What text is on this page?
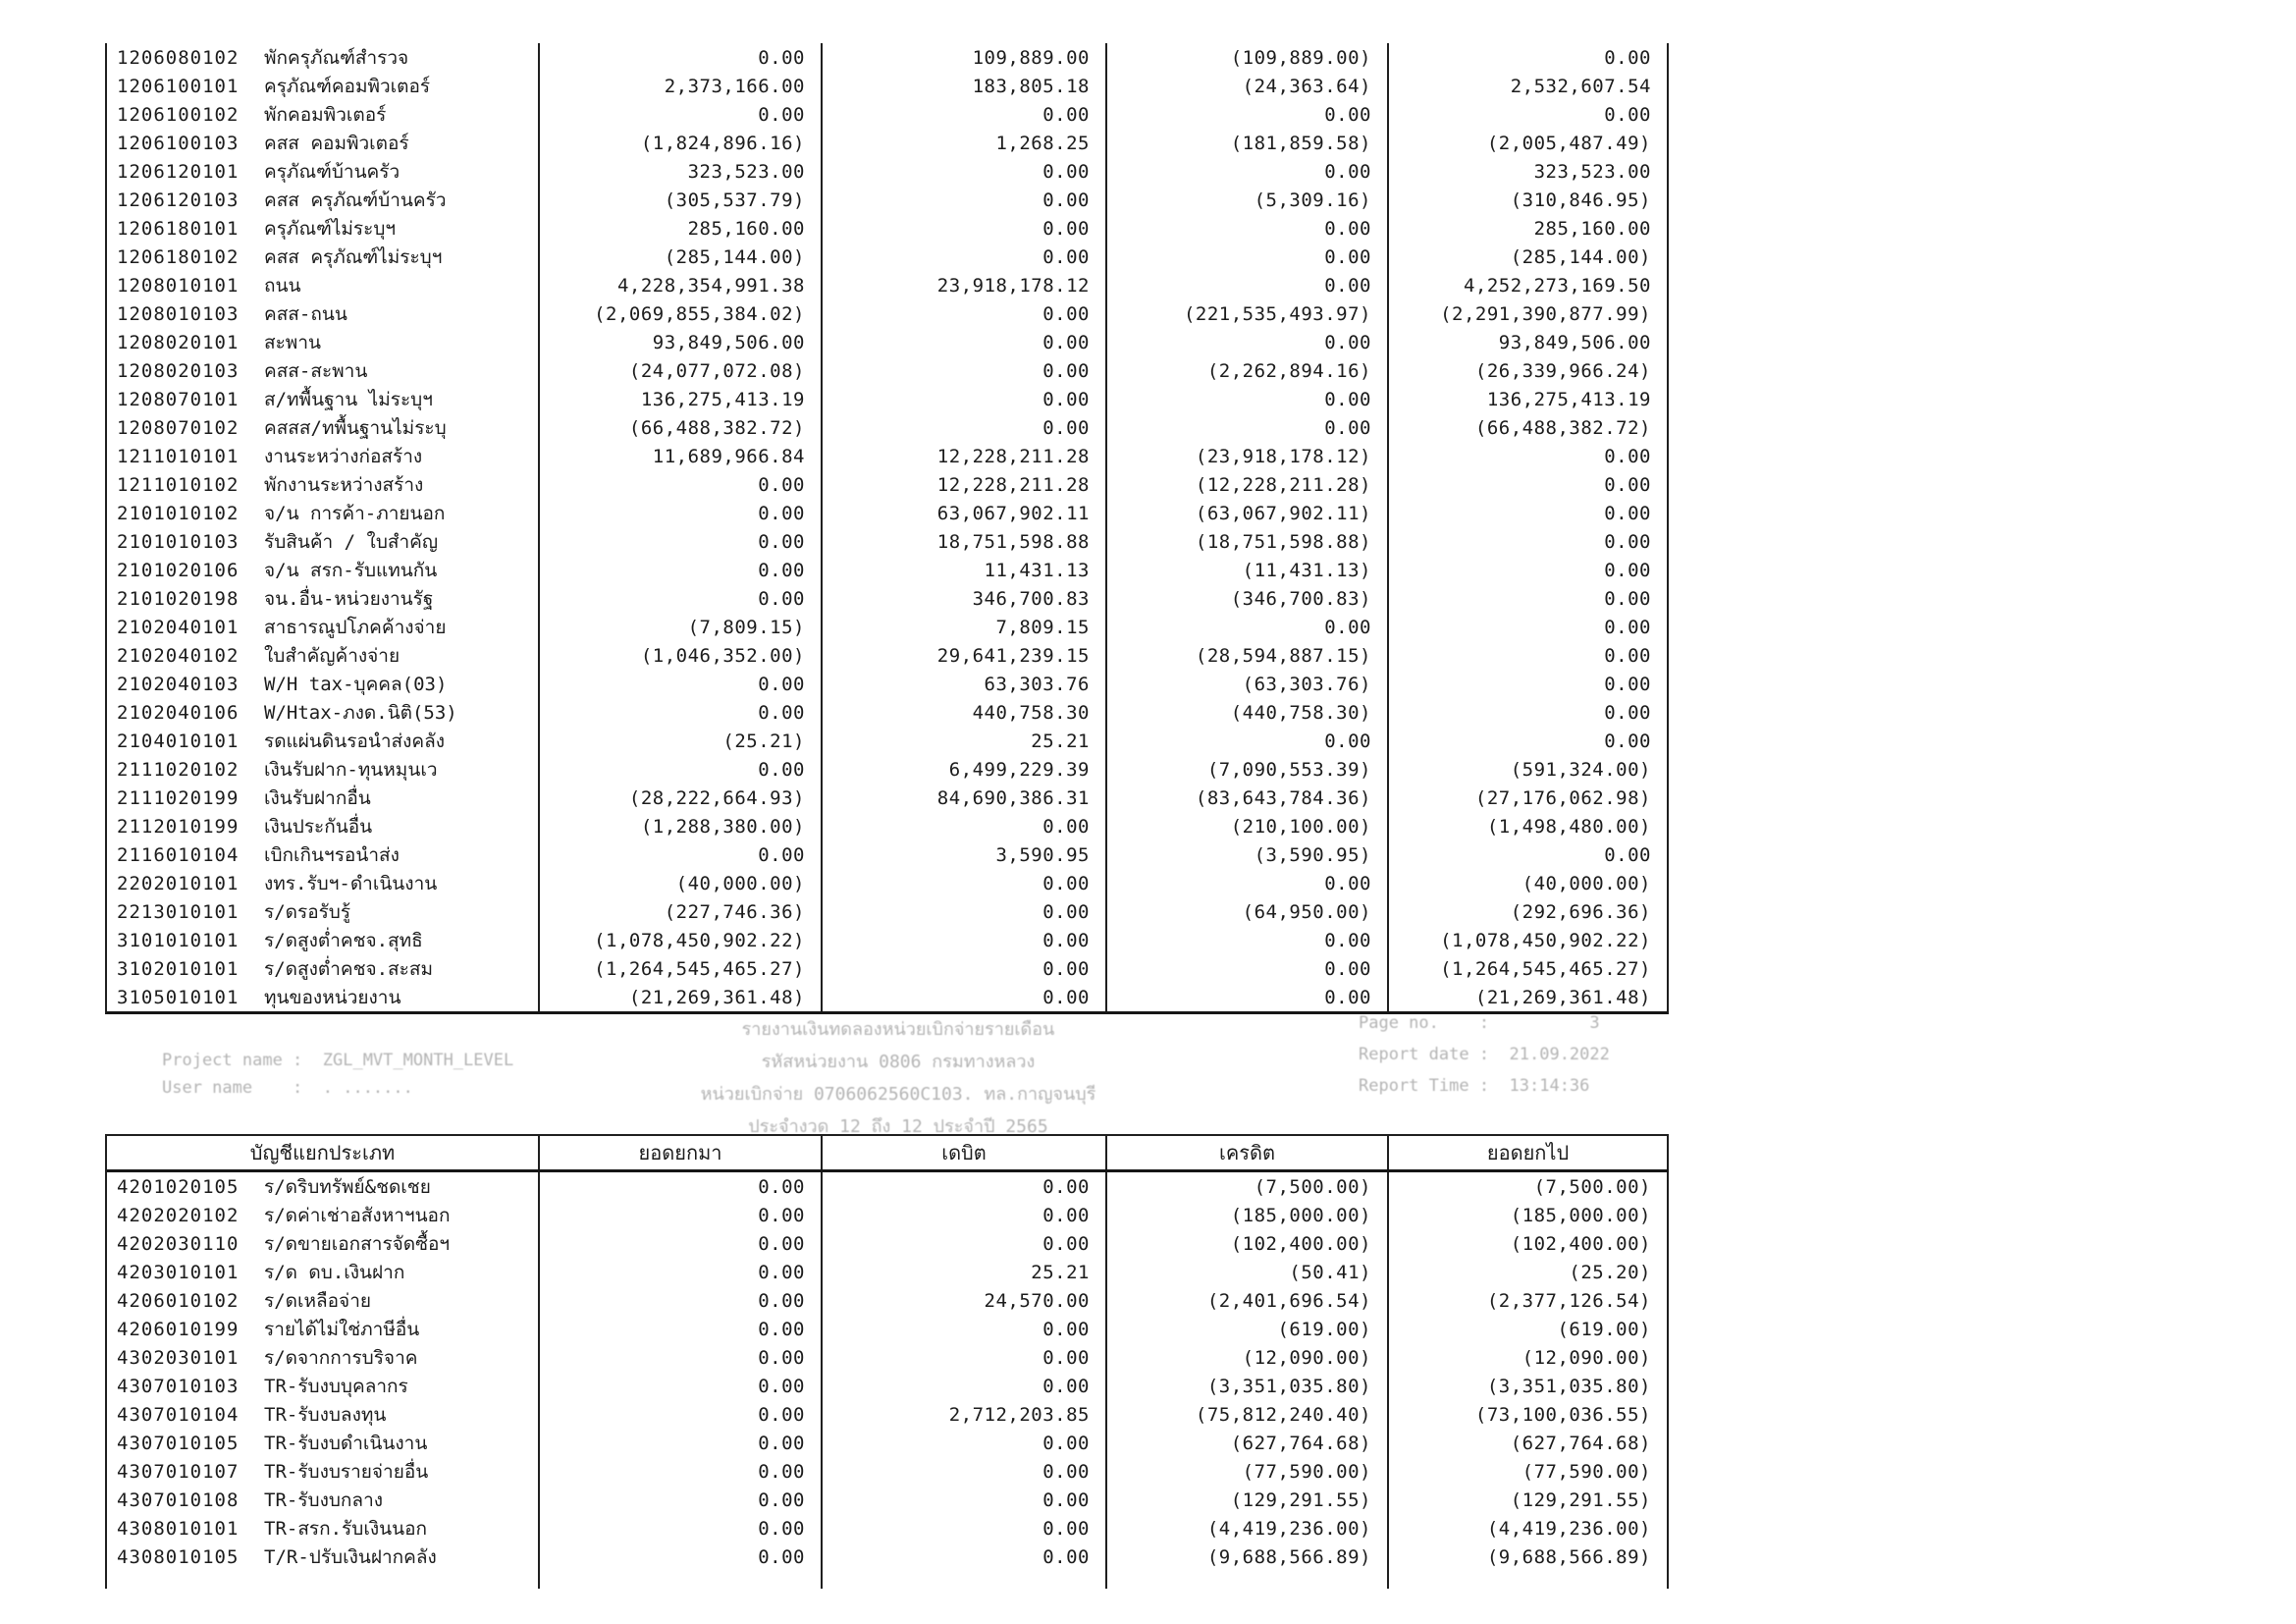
1206080102	พักครุภัณฑ์สำรวจ	0.00	109,889.00	(109,889.00)	0.00
1206100101	ครุภัณฑ์คอมพิวเตอร์	2,373,166.00	183,805.18	(24,363.64)	2,532,607.54
1206100102	พักคอมพิวเตอร์	0.00	0.00	0.00	0.00
1206100103	คสส คอมพิวเตอร์	(1,824,896.16)	1,268.25	(181,859.58)	(2,005,487.49)
1206120101	ครุภัณฑ์บ้านครัว	323,523.00	0.00	0.00	323,523.00
1206120103	คสส ครุภัณฑ์บ้านครัว	(305,537.79)	0.00	(5,309.16)	(310,846.95)
1206180101	ครุภัณฑ์ไม่ระบุฯ	285,160.00	0.00	0.00	285,160.00
1206180102	คสส ครุภัณฑ์ไม่ระบุฯ	(285,144.00)	0.00	0.00	(285,144.00)
1208010101	ถนน	4,228,354,991.38	23,918,178.12	0.00	4,252,273,169.50
1208010103	คสส-ถนน	(2,069,855,384.02)	0.00	(221,535,493.97)	(2,291,390,877.99)
1208020101	สะพาน	93,849,506.00	0.00	0.00	93,849,506.00
1208020103	คสส-สะพาน	(24,077,072.08)	0.00	(2,262,894.16)	(26,339,966.24)
1208070101	ส/ทพื้นฐาน ไม่ระบุฯ	136,275,413.19	0.00	0.00	136,275,413.19
1208070102	คสสส/ทพื้นฐานไม่ระบุ	(66,488,382.72)	0.00	0.00	(66,488,382.72)
1211010101	งานระหว่างก่อสร้าง	11,689,966.84	12,228,211.28	(23,918,178.12)	0.00
1211010102	พักงานระหว่างสร้าง	0.00	12,228,211.28	(12,228,211.28)	0.00
2101010102	จ/น การค้า-ภายนอก	0.00	63,067,902.11	(63,067,902.11)	0.00
2101010103	รับสินค้า / ใบสำคัญ	0.00	18,751,598.88	(18,751,598.88)	0.00
2101020106	จ/น สรก-รับแทนกัน	0.00	11,431.13	(11,431.13)	0.00
2101020198	จน.อื่น-หน่วยงานรัฐ	0.00	346,700.83	(346,700.83)	0.00
2102040101	สาธารณูปโภคค้างจ่าย	(7,809.15)	7,809.15	0.00	0.00
2102040102	ใบสำคัญค้างจ่าย	(1,046,352.00)	29,641,239.15	(28,594,887.15)	0.00
2102040103	W/H tax-บุคคล(03)	0.00	63,303.76	(63,303.76)	0.00
2102040106	W/Htax-ภงด.นิติ(53)	0.00	440,758.30	(440,758.30)	0.00
2104010101	รดแผ่นดินรอนำส่งคลัง	(25.21)	25.21	0.00	0.00
2111020102	เงินรับฝาก-ทุนหมุนเว	0.00	6,499,229.39	(7,090,553.39)	(591,324.00)
2111020199	เงินรับฝากอื่น	(28,222,664.93)	84,690,386.31	(83,643,784.36)	(27,176,062.98)
2112010199	เงินประกันอื่น	(1,288,380.00)	0.00	(210,100.00)	(1,498,480.00)
2116010104	เบิกเกินฯรอนำส่ง	0.00	3,590.95	(3,590.95)	0.00
2202010101	งทร.รับฯ-ดำเนินงาน	(40,000.00)	0.00	0.00	(40,000.00)
2213010101	ร/ดรอรับรู้	(227,746.36)	0.00	(64,950.00)	(292,696.36)
3101010101	ร/ดสูงต่ำคชจ.สุทธิ	(1,078,450,902.22)	0.00	0.00	(1,078,450,902.22)
3102010101	ร/ดสูงต่ำคชจ.สะสม	(1,264,545,465.27)	0.00	0.00	(1,264,545,465.27)
3105010101	ทุนของหน่วยงาน	(21,269,361.48)	0.00	0.00	(21,269,361.48)
Project name :  ZGL_MVT_MONTH_LEVEL
User name    :  . .......
รายงานเงินทดลองหน่วยเบิกจ่ายรายเดือน
รหัสหน่วยงาน 0806 กรมทางหลวง
หน่วยเบิกจ่าย 0706062560C103. ทล.กาญจนบุรี
ประจำงวด 12 ถึง 12 ประจำปี 2565
Page no.    :          3
Report date :  21.09.2022
Report Time :  13:14:36
บัญชีแยกประเภท	ยอดยกมา	เดบิต	เครดิต	ยอดยกไป
4201020105	ร/ดริบทรัพย์&ชดเชย	0.00	0.00	(7,500.00)	(7,500.00)
4202020102	ร/ดค่าเช่าอสังหาฯนอก	0.00	0.00	(185,000.00)	(185,000.00)
4202030110	ร/ดขายเอกสารจัดซื้อฯ	0.00	0.00	(102,400.00)	(102,400.00)
4203010101	ร/ด ดบ.เงินฝาก	0.00	25.21	(50.41)	(25.20)
4206010102	ร/ดเหลือจ่าย	0.00	24,570.00	(2,401,696.54)	(2,377,126.54)
4206010199	รายได้ไม่ใช่ภาษีอื่น	0.00	0.00	(619.00)	(619.00)
4302030101	ร/ดจากการบริจาค	0.00	0.00	(12,090.00)	(12,090.00)
4307010103	TR-รับงบบุคลากร	0.00	0.00	(3,351,035.80)	(3,351,035.80)
4307010104	TR-รับงบลงทุน	0.00	2,712,203.85	(75,812,240.40)	(73,100,036.55)
4307010105	TR-รับงบดำเนินงาน	0.00	0.00	(627,764.68)	(627,764.68)
4307010107	TR-รับงบรายจ่ายอื่น	0.00	0.00	(77,590.00)	(77,590.00)
4307010108	TR-รับงบกลาง	0.00	0.00	(129,291.55)	(129,291.55)
4308010101	TR-สรก.รับเงินนอก	0.00	0.00	(4,419,236.00)	(4,419,236.00)
4308010105	T/R-ปรับเงินฝากคลัง	0.00	0.00	(9,688,566.89)	(9,688,566.89)
